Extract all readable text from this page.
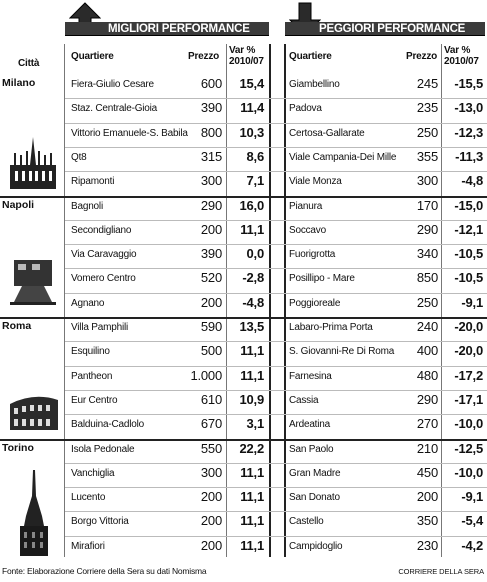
MIGLIORI PERFORMANCE	PEGGIORI PERFORMANCE
Città
Quartiere	Prezzo
Var %
2010/07	Quartiere	Prezzo
Var %
2010/07
Milano	Fiera-Giulio Cesare	600	15,4	Giambellino	245	-15,5
Staz. Centrale-Gioia	390	11,4	Padova	235	-13,0
Vittorio Emanuele-S. Babila	800	10,3	Certosa-Gallarate	250	-12,3
Qt8	315	8,6	Viale Campania-Dei Mille	355	-11,3
Ripamonti	300	7,1	Viale Monza	300	-4,8
Napoli	Bagnoli	290	16,0	Pianura	170	-15,0
Secondigliano	200	11,1	Soccavo	290	-12,1
Via Caravaggio	390	0,0	Fuorigrotta	340	-10,5
Vomero Centro	520	-2,8	Posillipo - Mare	850	-10,5
Agnano	200	-4,8	Poggioreale	250	-9,1
Roma	Villa Pamphili	590	13,5	Labaro-Prima Porta	240	-20,0
Esquilino	500	11,1	S. Giovanni-Re Di Roma	400	-20,0
Pantheon	1.000	11,1	Farnesina	480	-17,2
Eur Centro	610	10,9	Cassia	290	-17,1
Balduina-Cadlolo	670	3,1	Ardeatina	270	-10,0
Torino	Isola Pedonale	550	22,2	San Paolo	210	-12,5
Vanchiglia	300	11,1	Gran Madre	450	-10,0
Lucento	200	11,1	San Donato	200	-9,1
Borgo Vittoria	200	11,1	Castello	350	-5,4
Mirafiori	200	11,1	Campidoglio	230	-4,2
Fonte: Elaborazione Corriere della Sera su dati Nomisma	CORRIERE DELLA SERA
